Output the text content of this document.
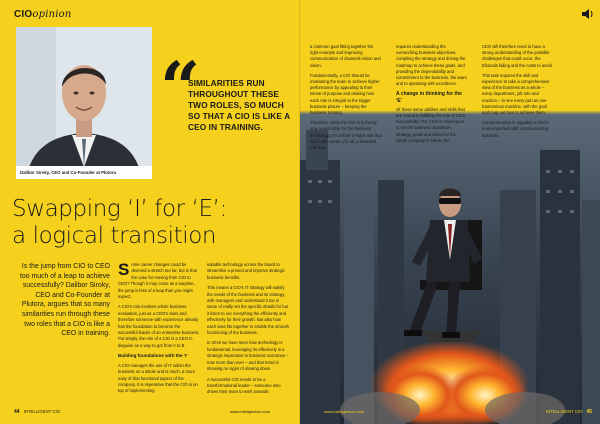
CIOopinion
Dalibor Siroky, CEO and Co-Founder at Plutora
“
SIMILARITIES RUN THROUGHOUT THESE TWO ROLES, SO MUCH SO THAT A CIO IS LIKE A CEO IN TRAINING.
Swapping ‘I’ for ‘E’:
a logical transition
Is the jump from CIO to CEO too much of a leap to achieve successfully? Dalibor Siroky, CEO and Co-Founder at Plutora, argues that so many similarities run through these two roles that a CIO is like a CEO in training.

Some career changes could be deemed a stretch too far, but is that the case for moving from CIO to CEO? Though it may come as a surprise, the jump is less of a leap than you might expect.

A CIO's role involves whole business evaluation, just as a CEO's does and therefore someone with experience already has the foundation to become the successful leader of an enterprise business. Put simply, the role of a CIO is a CEO in disguise as a way to get from A to B.

Building foundations with the ‘I’

A CIO manages the use of IT within the business on a whole and is much, a more easy of that functional aspect of the company. It is imperative that the CIO is on top of implementing

suitable technology across the board to streamline a primed and improve strategic business benefits.

This means a CIO's IT strategy will satisfy the needs of the business and its strategy, with managers and understand it too in some of really set the specific details for but it listen to our everything the efficiently and effectively for their growth. But also how each area fits together to enable the smooth functioning of the business.

In 2019 we have seen how technology is fundamental, leveraging its effectively is a strategic imperative to business outcomes – now more than ever – and that trend is showing no signs of slowing down.

A successful CIO needs to be a transformational leader – someone who drives their team to work towards

44 INTELLIGENT CIO	www.intelligentcio.com

a common goal fitting together the right example and improving communication of channels vision and vision.

Fundamentally, a CIO should be motivating the team to achieve higher performance by appealing to their sense of purpose and relating how each role is integral to the bigger business picture – keeping the business running.

Therefore, while the CIO is in theory only responsible for the business' technology, it's a front-to-back role that sits in the centre of it all, a business role that

requires understanding the overarching business objectives, compiling the strategy and driving the roadmap to achieve these goals, and providing the dependability and commitment to the business, the team and to operating with excellence.

A change in thinking for the ‘E’

Of these same abilities and skills that are critical to fulfilling the role of CEO successfully. The CEO is relied upon to set the business objectives, strategy, goals and vision for the whole company to follow, the

CEO will therefore need to have a strong understanding of the possible challenges that could occur, the tribunals failing and the costs to avoid.

This task requires the skill and experience to take a comprehensive view of the business as a whole – every department, job role and reaction – to see every part as one harmonious machine, with the goal and map out how to achieve them.

Communication is arguably a CEO's most important skill: communicating business

www.intelligentcio.com	INTELLIGENT CIO 45
